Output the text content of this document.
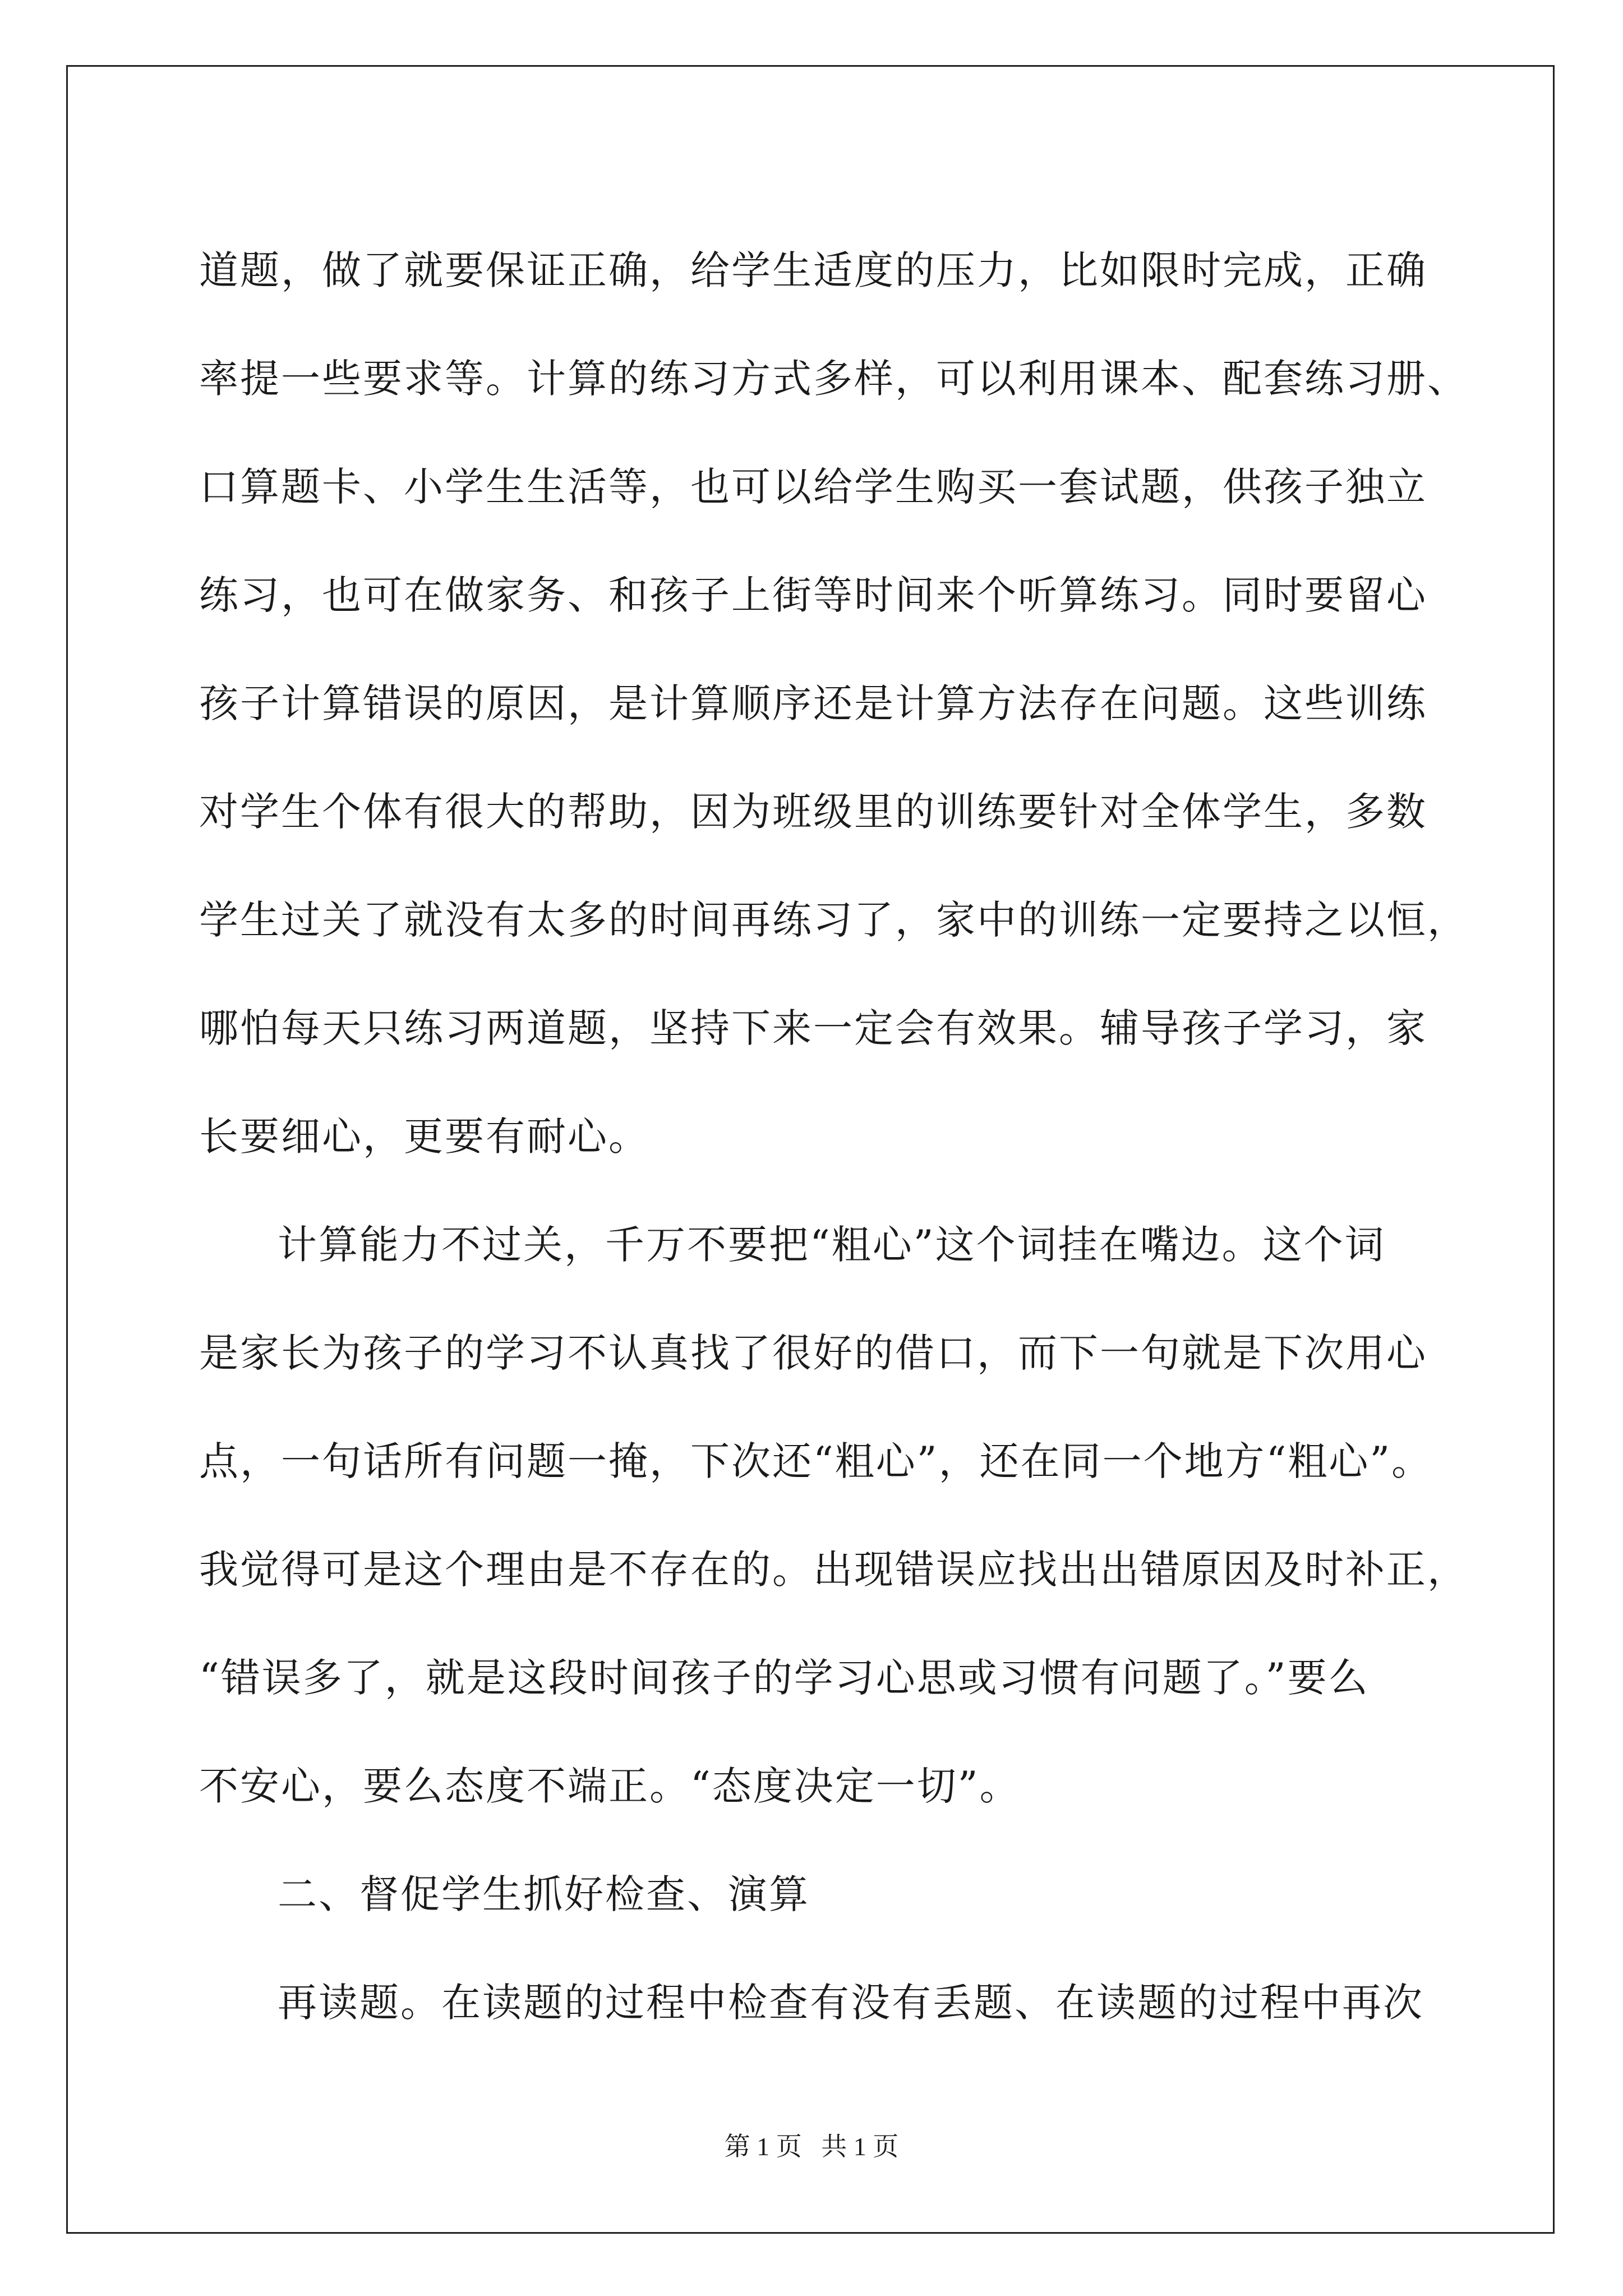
道题，做了就要保证正确，给学生适度的压力，比如限时完成，正确
率提一些要求等。计算的练习方式多样，可以利用课本、配套练习册、
口算题卡、小学生生活等，也可以给学生购买一套试题，供孩子独立
练习，也可在做家务、和孩子上街等时间来个听算练习。同时要留心
孩子计算错误的原因，是计算顺序还是计算方法存在问题。这些训练
对学生个体有很大的帮助，因为班级里的训练要针对全体学生，多数
学生过关了就没有太多的时间再练习了，家中的训练一定要持之以恒，
哪怕每天只练习两道题，坚持下来一定会有效果。辅导孩子学习，家
长要细心，更要有耐心。
计算能力不过关，千万不要把“粗心”这个词挂在嘴边。这个词
是家长为孩子的学习不认真找了很好的借口，而下一句就是下次用心
点，一句话所有问题一掩，下次还“粗心”，还在同一个地方“粗心”。
我觉得可是这个理由是不存在的。出现错误应找出出错原因及时补正，
“错误多了，就是这段时间孩子的学习心思或习惯有问题了。”要么
不安心，要么态度不端正。“态度决定一切”。
二、督促学生抓好检查、演算
再读题。在读题的过程中检查有没有丢题、在读题的过程中再次
第 1 页   共 1 页
